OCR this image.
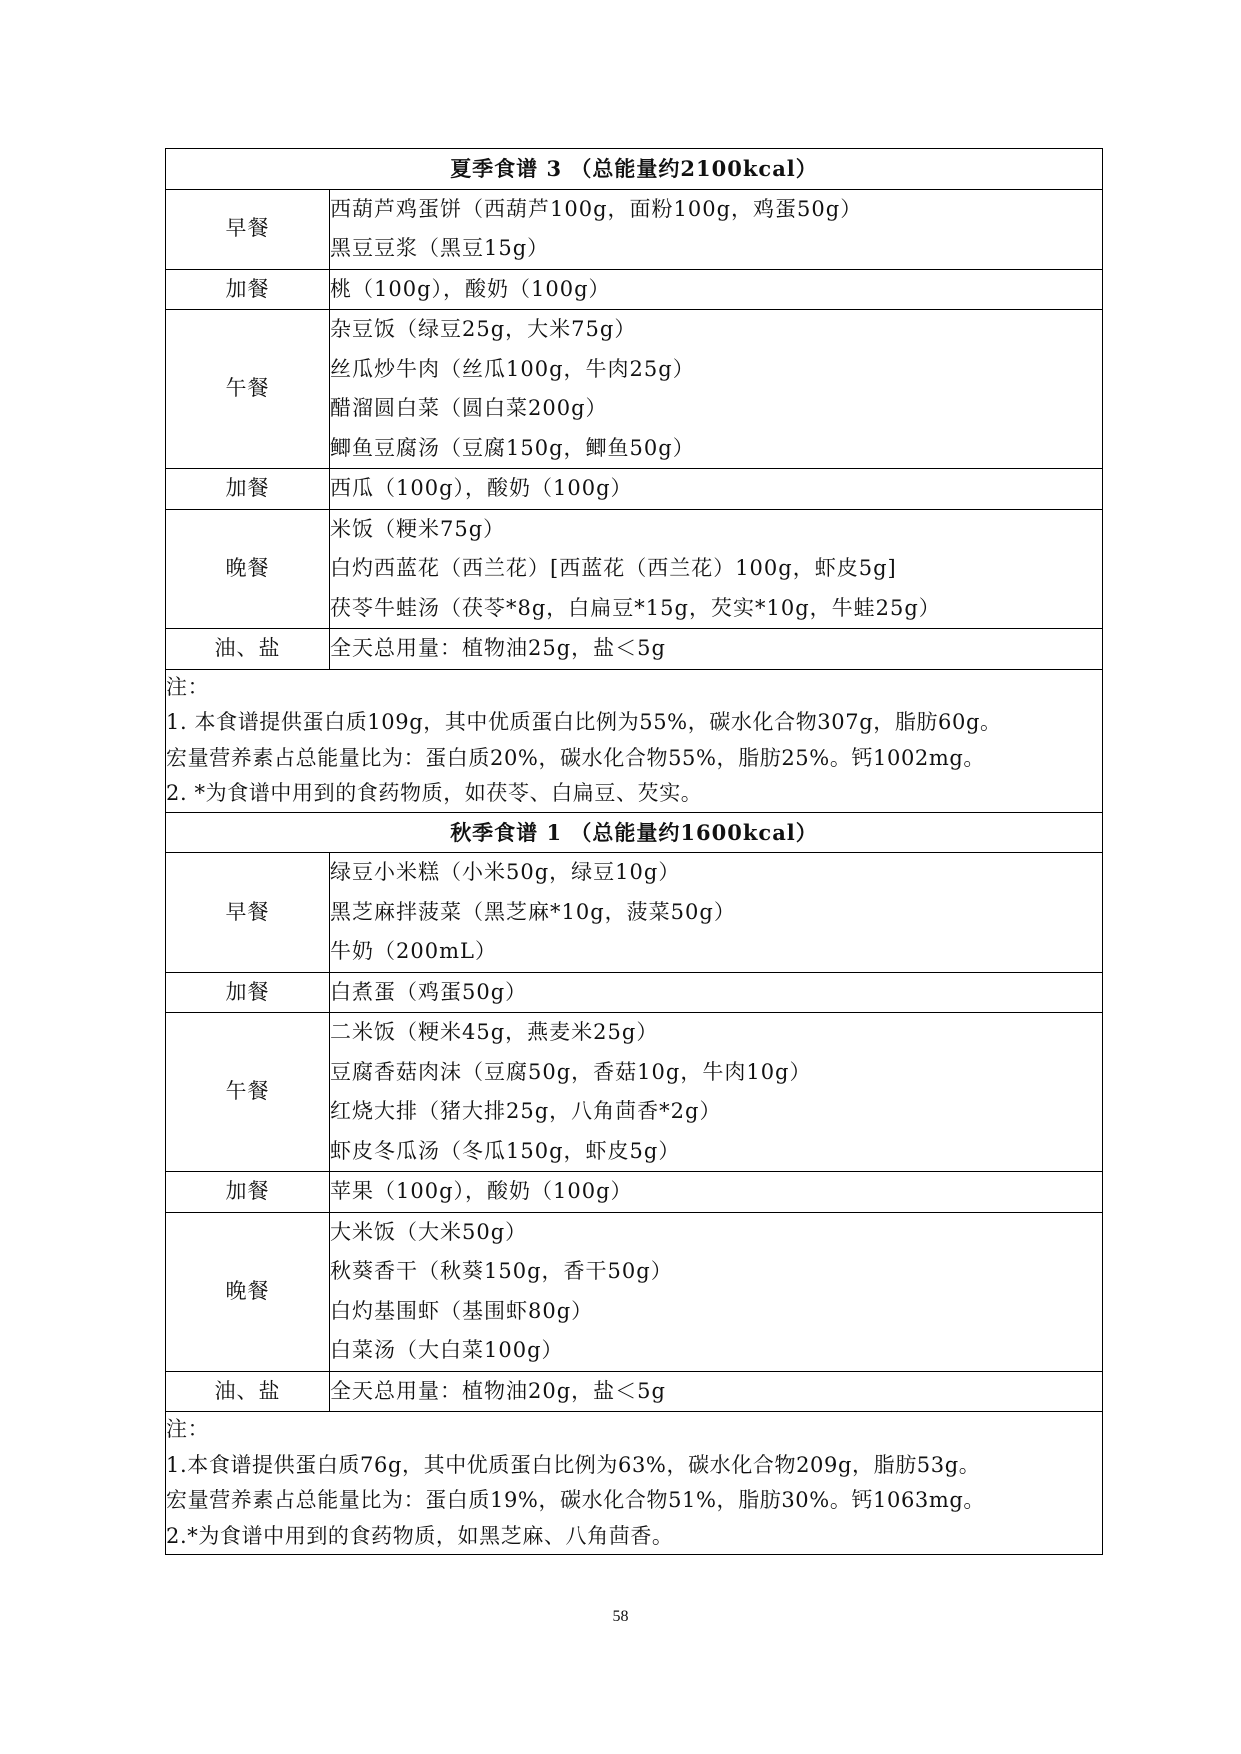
夏季食谱 3 （总能量约2100kcal）	
早餐	西葫芦鸡蛋饼（西葫芦100g，面粉100g，鸡蛋50g）
黑豆豆浆（黑豆15g）

加餐	桃（100g），酸奶（100g）

午餐	杂豆饭（绿豆25g，大米75g）
丝瓜炒牛肉（丝瓜100g，牛肉25g）
醋溜圆白菜（圆白菜200g）
鲫鱼豆腐汤（豆腐150g，鲫鱼50g）

加餐	西瓜（100g），酸奶（100g）

晚餐	米饭（粳米75g）
白灼西蓝花（西兰花）[西蓝花（西兰花）100g，虾皮5g]
茯苓牛蛙汤（茯苓*8g，白扁豆*15g，芡实*10g，牛蛙25g）

油、盐	全天总用量：植物油25g，盐＜5g

注：
1. 本食谱提供蛋白质109g，其中优质蛋白比例为55%，碳水化合物307g，脂肪60g。
宏量营养素占总能量比为：蛋白质20%，碳水化合物55%，脂肪25%。钙1002mg。
2. *为食谱中用到的食药物质，如茯苓、白扁豆、芡实。	

秋季食谱 1 （总能量约1600kcal）	
早餐	绿豆小米糕（小米50g，绿豆10g）
黑芝麻拌菠菜（黑芝麻*10g，菠菜50g）
牛奶（200mL）

加餐	白煮蛋（鸡蛋50g）

午餐	二米饭（粳米45g，燕麦米25g）
豆腐香菇肉沫（豆腐50g，香菇10g，牛肉10g）
红烧大排（猪大排25g，八角茴香*2g）
虾皮冬瓜汤（冬瓜150g，虾皮5g）

加餐	苹果（100g），酸奶（100g）

晚餐	大米饭（大米50g）
秋葵香干（秋葵150g，香干50g）
白灼基围虾（基围虾80g）
白菜汤（大白菜100g）

油、盐	全天总用量：植物油20g，盐＜5g

注：
1.本食谱提供蛋白质76g，其中优质蛋白比例为63%，碳水化合物209g，脂肪53g。
宏量营养素占总能量比为：蛋白质19%，碳水化合物51%，脂肪30%。钙1063mg。
2.*为食谱中用到的食药物质，如黑芝麻、八角茴香。	
58
